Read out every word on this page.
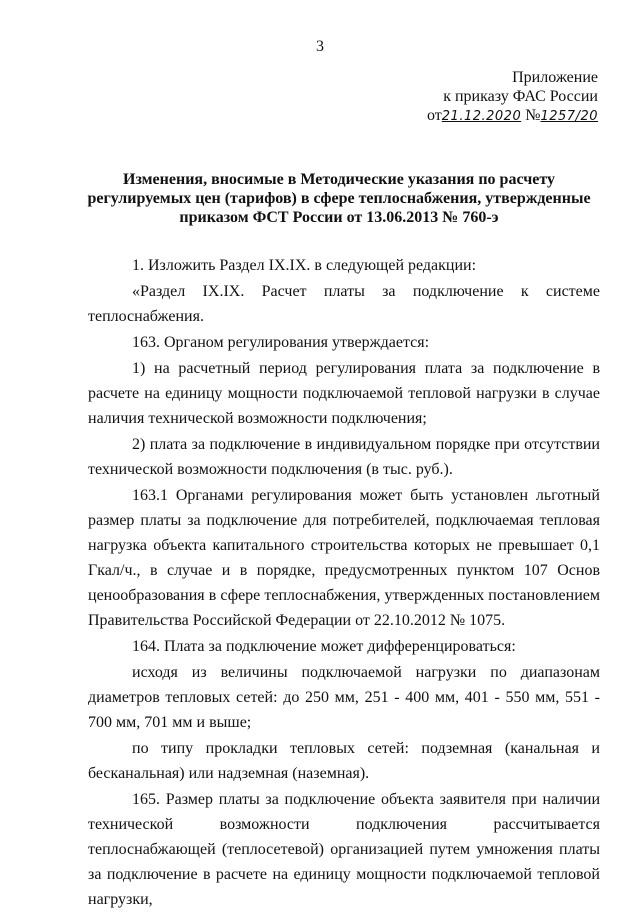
3
Приложение
к приказу ФАС России
от21.12.2020 №1257/20
Изменения, вносимые в Методические указания по расчету регулируемых цен (тарифов) в сфере теплоснабжения, утвержденные приказом ФСТ России от 13.06.2013 № 760-э

1. Изложить Раздел IX.IX. в следующей редакции:

«Раздел IX.IX. Расчет платы за подключение к системе теплоснабжения.

163. Органом регулирования утверждается:

1) на расчетный период регулирования плата за подключение в расчете на единицу мощности подключаемой тепловой нагрузки в случае наличия технической возможности подключения;

2) плата за подключение в индивидуальном порядке при отсутствии технической возможности подключения (в тыс. руб.).

163.1 Органами регулирования может быть установлен льготный размер платы за подключение для потребителей, подключаемая тепловая нагрузка объекта капитального строительства которых не превышает 0,1 Гкал/ч., в случае и в порядке, предусмотренных пунктом 107 Основ ценообразования в сфере теплоснабжения, утвержденных постановлением Правительства Российской Федерации от 22.10.2012 № 1075.

164. Плата за подключение может дифференцироваться:

исходя из величины подключаемой нагрузки по диапазонам диаметров тепловых сетей: до 250 мм, 251 - 400 мм, 401 - 550 мм, 551 - 700 мм, 701 мм и выше;

по типу прокладки тепловых сетей: подземная (канальная и бесканальная) или надземная (наземная).

165. Размер платы за подключение объекта заявителя при наличии технической возможности подключения рассчитывается теплоснабжающей (теплосетевой) организацией путем умножения платы за подключение в расчете на единицу мощности подключаемой тепловой нагрузки,
